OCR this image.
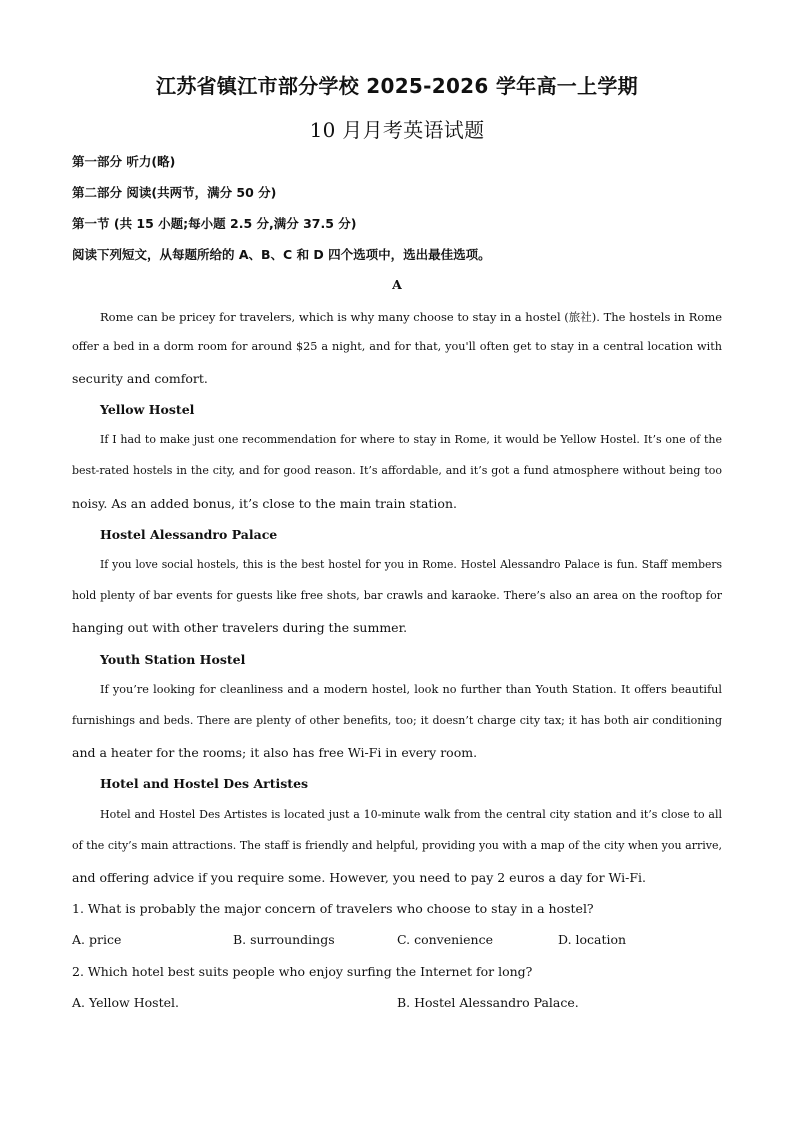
江苏省镇江市部分学校 2025-2026 学年高一上学期
10 月月考英语试题
第一部分 听力(略)
第二部分 阅读(共两节，满分 50 分)
第一节 (共 15 小题;每小题 2.5 分,满分 37.5 分)
阅读下列短文，从每题所给的 A、B、C 和 D 四个选项中，选出最佳选项。
A
Rome can be pricey for travelers, which is why many choose to stay in a hostel (旅社). The hostels in Rome
offer a bed in a dorm room for around $25 a night, and for that, you'll often get to stay in a central location with
security and comfort.
Yellow Hostel
If I had to make just one recommendation for where to stay in Rome, it would be Yellow Hostel. It’s one of the
best-rated hostels in the city, and for good reason. It’s affordable, and it’s got a fund atmosphere without being too
noisy. As an added bonus, it’s close to the main train station.
Hostel Alessandro Palace
If you love social hostels, this is the best hostel for you in Rome. Hostel Alessandro Palace is fun. Staff members
hold plenty of bar events for guests like free shots, bar crawls and karaoke. There’s also an area on the rooftop for
hanging out with other travelers during the summer.
Youth Station Hostel
If you’re looking for cleanliness and a modern hostel, look no further than Youth Station. It offers beautiful
furnishings and beds. There are plenty of other benefits, too; it doesn’t charge city tax; it has both air conditioning
and a heater for the rooms; it also has free Wi-Fi in every room.
Hotel and Hostel Des Artistes
Hotel and Hostel Des Artistes is located just a 10-minute walk from the central city station and it’s close to all
of the city’s main attractions. The staff is friendly and helpful, providing you with a map of the city when you arrive,
and offering advice if you require some. However, you need to pay 2 euros a day for Wi-Fi.
1. What is probably the major concern of travelers who choose to stay in a hostel?
A. price	B. surroundings	C. convenience	D. location
2. Which hotel best suits people who enjoy surfing the Internet for long?
A. Yellow Hostel.	B. Hostel Alessandro Palace.
